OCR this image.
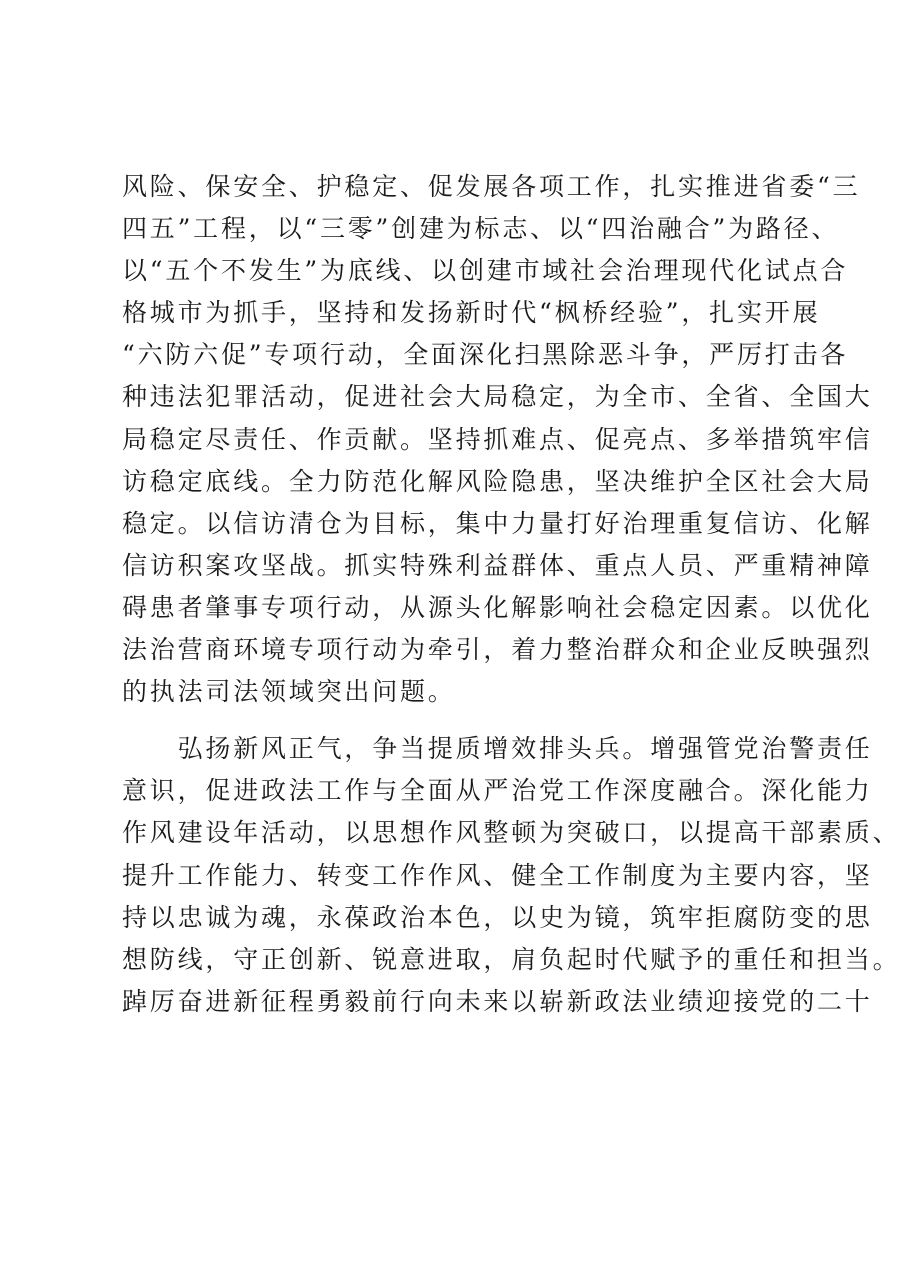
风险、保安全、护稳定、促发展各项工作，扎实推进省委“三
四五”工程，以“三零”创建为标志、以“四治融合”为路径、
以“五个不发生”为底线、以创建市域社会治理现代化试点合
格城市为抓手，坚持和发扬新时代“枫桥经验”，扎实开展
“六防六促”专项行动，全面深化扫黑除恶斗争，严厉打击各
种违法犯罪活动，促进社会大局稳定，为全市、全省、全国大
局稳定尽责任、作贡献。坚持抓难点、促亮点、多举措筑牢信
访稳定底线。全力防范化解风险隐患，坚决维护全区社会大局
稳定。以信访清仓为目标，集中力量打好治理重复信访、化解
信访积案攻坚战。抓实特殊利益群体、重点人员、严重精神障
碍患者肇事专项行动，从源头化解影响社会稳定因素。以优化
法治营商环境专项行动为牵引，着力整治群众和企业反映强烈
的执法司法领域突出问题。
　　弘扬新风正气，争当提质增效排头兵。增强管党治警责任
意识，促进政法工作与全面从严治党工作深度融合。深化能力
作风建设年活动，以思想作风整顿为突破口，以提高干部素质、
提升工作能力、转变工作作风、健全工作制度为主要内容，坚
持以忠诚为魂，永葆政治本色，以史为镜，筑牢拒腐防变的思
想防线，守正创新、锐意进取，肩负起时代赋予的重任和担当。
踔厉奋进新征程勇毅前行向未来以崭新政法业绩迎接党的二十
